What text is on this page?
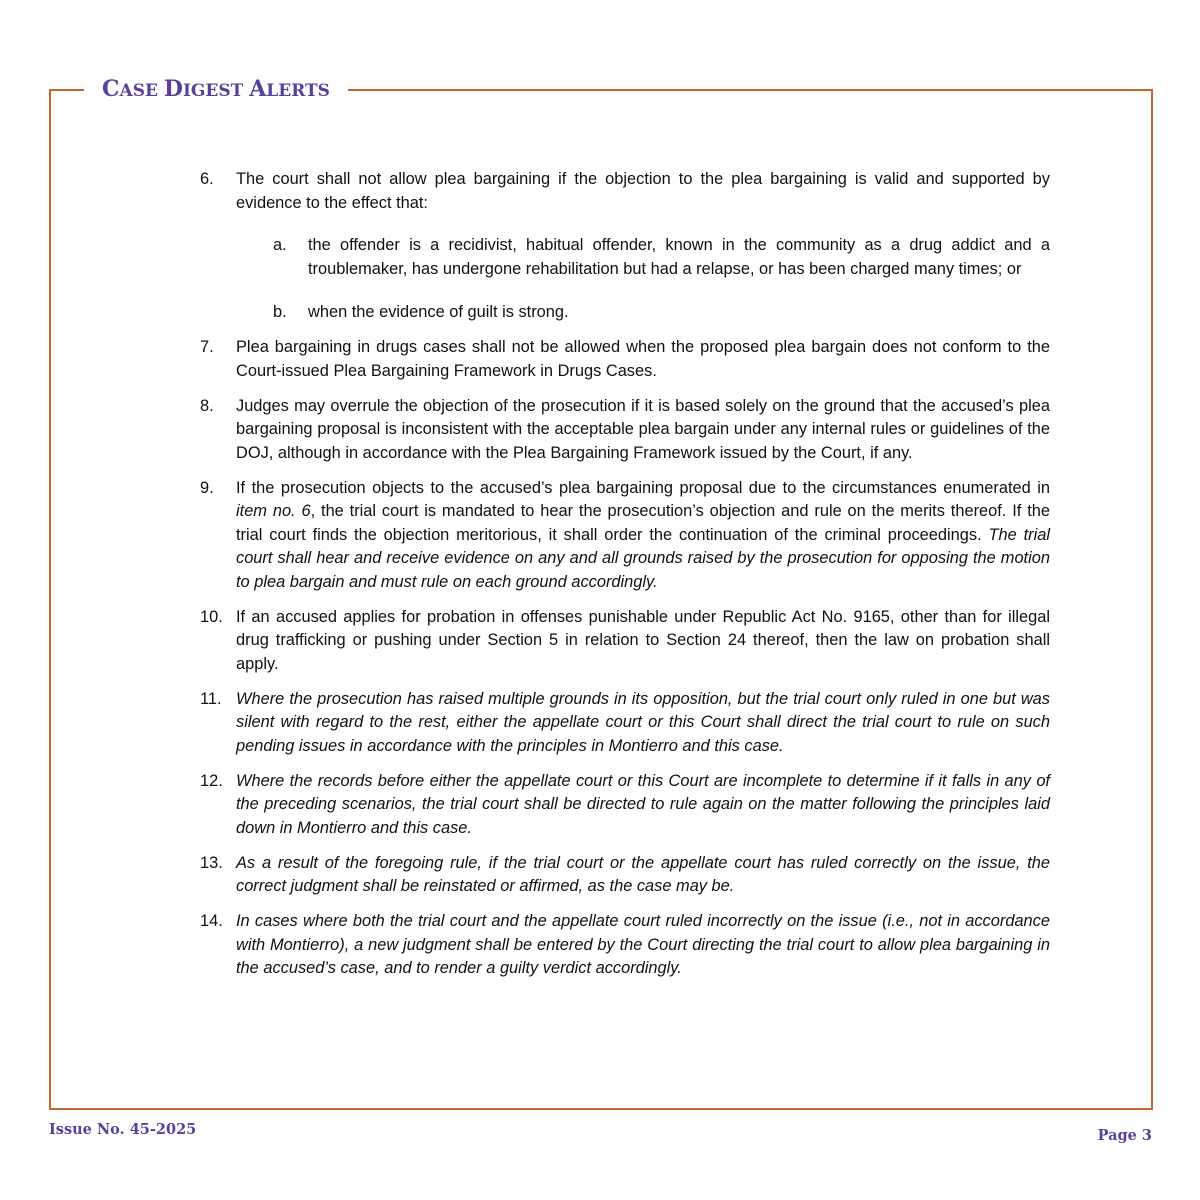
CASE DIGEST ALERTS
6.	The court shall not allow plea bargaining if the objection to the plea bargaining is valid and supported by evidence to the effect that:
a. the offender is a recidivist, habitual offender, known in the community as a drug addict and a troublemaker, has undergone rehabilitation but had a relapse, or has been charged many times; or
b. when the evidence of guilt is strong.
7.	Plea bargaining in drugs cases shall not be allowed when the proposed plea bargain does not conform to the Court-issued Plea Bargaining Framework in Drugs Cases.
8.	Judges may overrule the objection of the prosecution if it is based solely on the ground that the accused’s plea bargaining proposal is inconsistent with the acceptable plea bargain under any internal rules or guidelines of the DOJ, although in accordance with the Plea Bargaining Framework issued by the Court, if any.
9.	If the prosecution objects to the accused’s plea bargaining proposal due to the circumstances enumerated in item no. 6, the trial court is mandated to hear the prosecution’s objection and rule on the merits thereof. If the trial court finds the objection meritorious, it shall order the continuation of the criminal proceedings. The trial court shall hear and receive evidence on any and all grounds raised by the prosecution for opposing the motion to plea bargain and must rule on each ground accordingly.
10. If an accused applies for probation in offenses punishable under Republic Act No. 9165, other than for illegal drug trafficking or pushing under Section 5 in relation to Section 24 thereof, then the law on probation shall apply.
11. Where the prosecution has raised multiple grounds in its opposition, but the trial court only ruled in one but was silent with regard to the rest, either the appellate court or this Court shall direct the trial court to rule on such pending issues in accordance with the principles in Montierro and this case.
12. Where the records before either the appellate court or this Court are incomplete to determine if it falls in any of the preceding scenarios, the trial court shall be directed to rule again on the matter following the principles laid down in Montierro and this case.
13. As a result of the foregoing rule, if the trial court or the appellate court has ruled correctly on the issue, the correct judgment shall be reinstated or affirmed, as the case may be.
14. In cases where both the trial court and the appellate court ruled incorrectly on the issue (i.e., not in accordance with Montierro), a new judgment shall be entered by the Court directing the trial court to allow plea bargaining in the accused’s case, and to render a guilty verdict accordingly.
Issue No. 45-2025	Page 3
